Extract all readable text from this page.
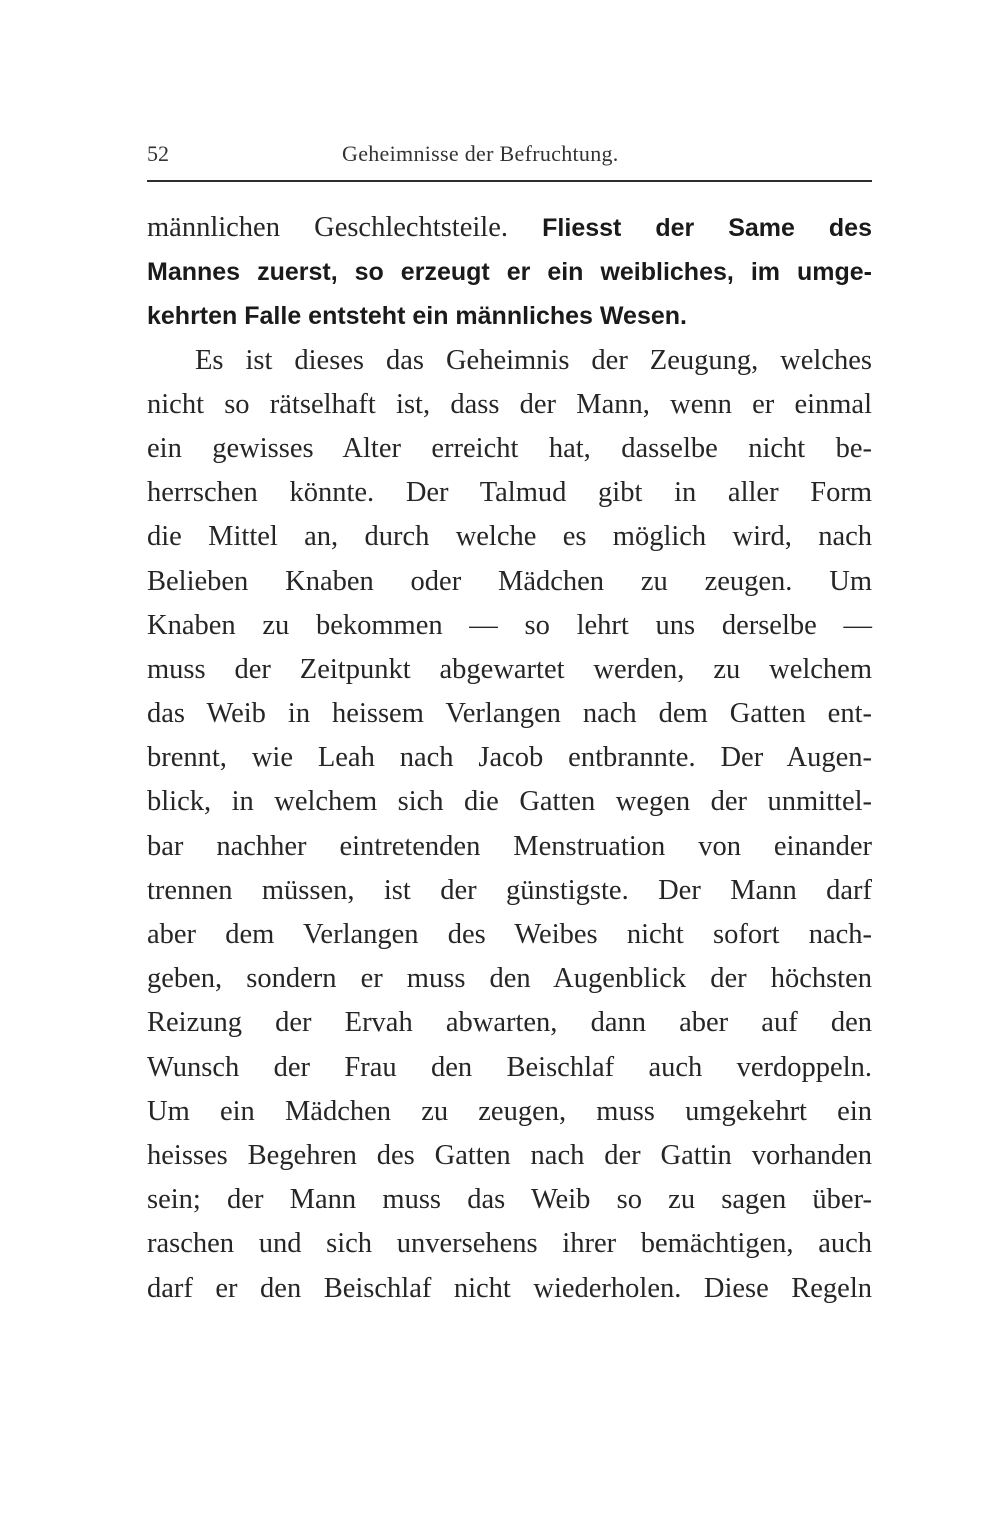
52	Geheimnisse der Befruchtung.
männlichen Geschlechtsteile. Fliesst der Same des
Mannes zuerst, so erzeugt er ein weibliches, im umge-
kehrten Falle entsteht ein männliches Wesen.
Es ist dieses das Geheimnis der Zeugung, welches
nicht so rätselhaft ist, dass der Mann, wenn er einmal
ein gewisses Alter erreicht hat, dasselbe nicht be-
herrschen könnte. Der Talmud gibt in aller Form
die Mittel an, durch welche es möglich wird, nach
Belieben Knaben oder Mädchen zu zeugen. Um
Knaben zu bekommen — so lehrt uns derselbe —
muss der Zeitpunkt abgewartet werden, zu welchem
das Weib in heissem Verlangen nach dem Gatten ent-
brennt, wie Leah nach Jacob entbrannte. Der Augen-
blick, in welchem sich die Gatten wegen der unmittel-
bar nachher eintretenden Menstruation von einander
trennen müssen, ist der günstigste. Der Mann darf
aber dem Verlangen des Weibes nicht sofort nach-
geben, sondern er muss den Augenblick der höchsten
Reizung der Ervah abwarten, dann aber auf den
Wunsch der Frau den Beischlaf auch verdoppeln.
Um ein Mädchen zu zeugen, muss umgekehrt ein
heisses Begehren des Gatten nach der Gattin vorhanden
sein; der Mann muss das Weib so zu sagen über-
raschen und sich unversehens ihrer bemächtigen, auch
darf er den Beischlaf nicht wiederholen. Diese Regeln
